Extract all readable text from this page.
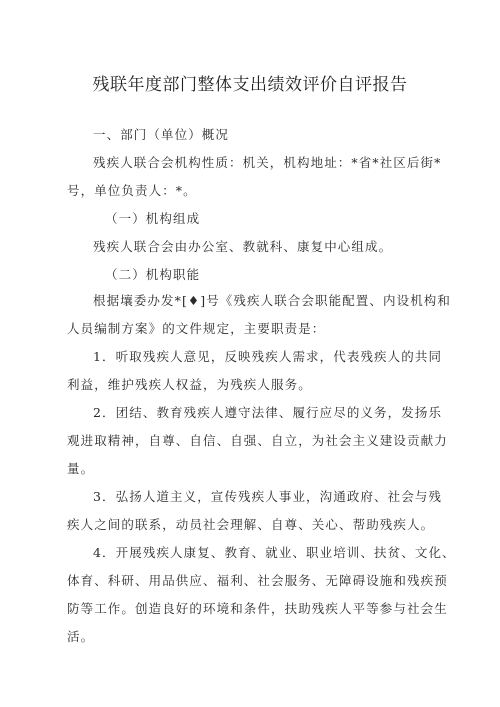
残联年度部门整体支出绩效评价自评报告
一、部门（单位）概况
残疾人联合会机构性质：机关，机构地址：*省*社区后街*
号，单位负责人：*。
（一）机构组成
残疾人联合会由办公室、教就科、康复中心组成。
（二）机构职能
根据壤委办发*[♦]号《残疾人联合会职能配置、内设机构和
人员编制方案》的文件规定，主要职责是：
1．听取残疾人意见，反映残疾人需求，代表残疾人的共同
利益，维护残疾人权益，为残疾人服务。
2．团结、教育残疾人遵守法律、履行应尽的义务，发扬乐
观进取精神，自尊、自信、自强、自立，为社会主义建设贡献力
量。
3．弘扬人道主义，宣传残疾人事业，沟通政府、社会与残
疾人之间的联系，动员社会理解、自尊、关心、帮助残疾人。
4．开展残疾人康复、教育、就业、职业培训、扶贫、文化、
体育、科研、用品供应、福利、社会服务、无障碍设施和残疾预
防等工作。创造良好的环境和条件，扶助残疾人平等参与社会生
活。
